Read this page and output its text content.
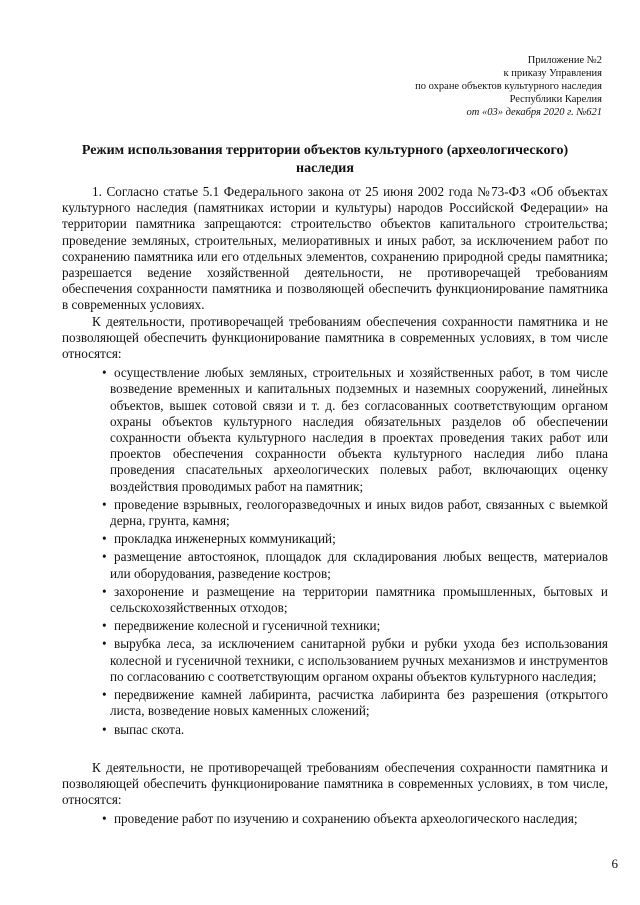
Приложение №2
к приказу Управления
по охране объектов культурного наследия
Республики Карелия
от «03» декабря 2020 г. №621
Режим использования территории объектов культурного (археологического) наследия

1. Согласно статье 5.1 Федерального закона от 25 июня 2002 года №73-ФЗ «Об объектах культурного наследия (памятниках истории и культуры) народов Российской Федерации» на территории памятника запрещаются: строительство объектов капитального строительства; проведение земляных, строительных, мелиоративных и иных работ, за исключением работ по сохранению памятника или его отдельных элементов, сохранению природной среды памятника; разрешается ведение хозяйственной деятельности, не противоречащей требованиям обеспечения сохранности памятника и позволяющей обеспечить функционирование памятника в современных условиях.

К деятельности, противоречащей требованиям обеспечения сохранности памятника и не позволяющей обеспечить функционирование памятника в современных условиях, в том числе относятся:

• осуществление любых земляных, строительных и хозяйственных работ, в том числе возведение временных и капитальных подземных и наземных сооружений, линейных объектов, вышек сотовой связи и т. д. без согласованных соответствующим органом охраны объектов культурного наследия обязательных разделов об обеспечении сохранности объекта культурного наследия в проектах проведения таких работ или проектов обеспечения сохранности объекта культурного наследия либо плана проведения спасательных археологических полевых работ, включающих оценку воздействия проводимых работ на памятник;
• проведение взрывных, геологоразведочных и иных видов работ, связанных с выемкой дерна, грунта, камня;
• прокладка инженерных коммуникаций;
• размещение автостоянок, площадок для складирования любых веществ, материалов или оборудования, разведение костров;
• захоронение и размещение на территории памятника промышленных, бытовых и сельскохозяйственных отходов;
• передвижение колесной и гусеничной техники;
• вырубка леса, за исключением санитарной рубки и рубки ухода без использования колесной и гусеничной техники, с использованием ручных механизмов и инструментов по согласованию с соответствующим органом охраны объектов культурного наследия;
• передвижение камней лабиринта, расчистка лабиринта без разрешения (открытого листа, возведение новых каменных сложений;
• выпас скота.

К деятельности, не противоречащей требованиям обеспечения сохранности памятника и позволяющей обеспечить функционирование памятника в современных условиях, в том числе, относятся:

• проведение работ по изучению и сохранению объекта археологического наследия;
6
